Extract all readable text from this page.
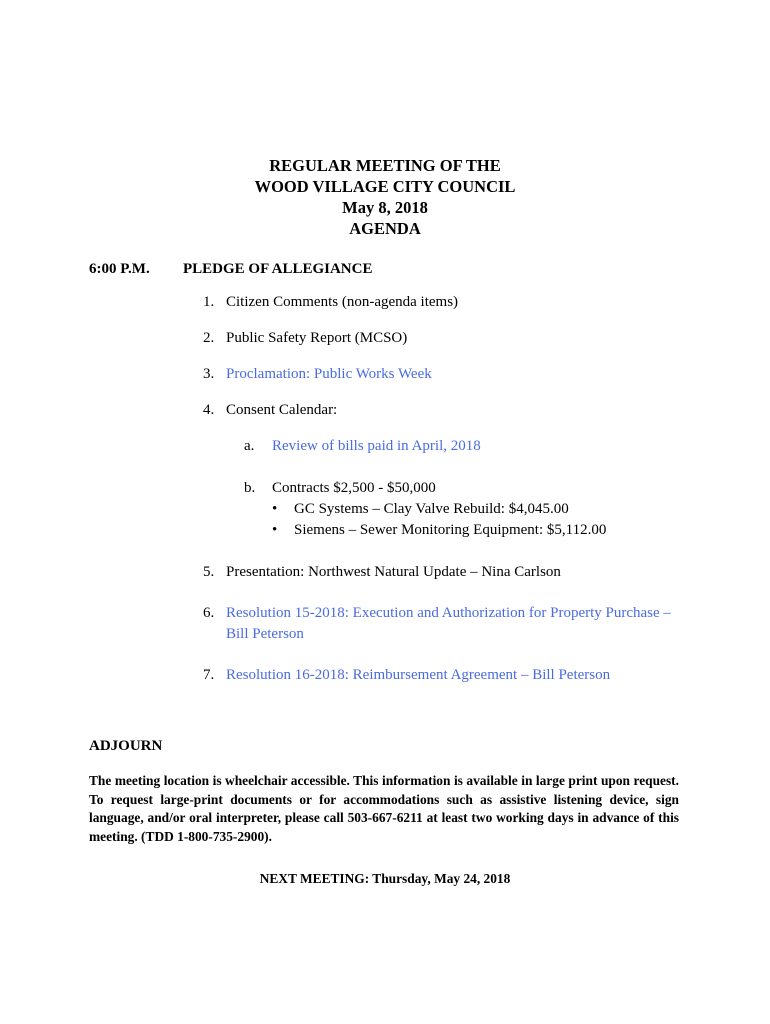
REGULAR MEETING OF THE
WOOD VILLAGE CITY COUNCIL
May 8, 2018
AGENDA
6:00 P.M. PLEDGE OF ALLEGIANCE
1. Citizen Comments (non-agenda items)
2. Public Safety Report (MCSO)
3. Proclamation: Public Works Week
4. Consent Calendar:
a. Review of bills paid in April, 2018
b. Contracts $2,500 - $50,000
• GC Systems – Clay Valve Rebuild: $4,045.00
• Siemens – Sewer Monitoring Equipment: $5,112.00
5. Presentation: Northwest Natural Update – Nina Carlson
6. Resolution 15-2018: Execution and Authorization for Property Purchase –
Bill Peterson
7. Resolution 16-2018: Reimbursement Agreement – Bill Peterson
ADJOURN
The meeting location is wheelchair accessible. This information is available in large print upon request. To request large-print documents or for accommodations such as assistive listening device, sign language, and/or oral interpreter, please call 503-667-6211 at least two working days in advance of this meeting. (TDD 1-800-735-2900).
NEXT MEETING: Thursday, May 24, 2018
